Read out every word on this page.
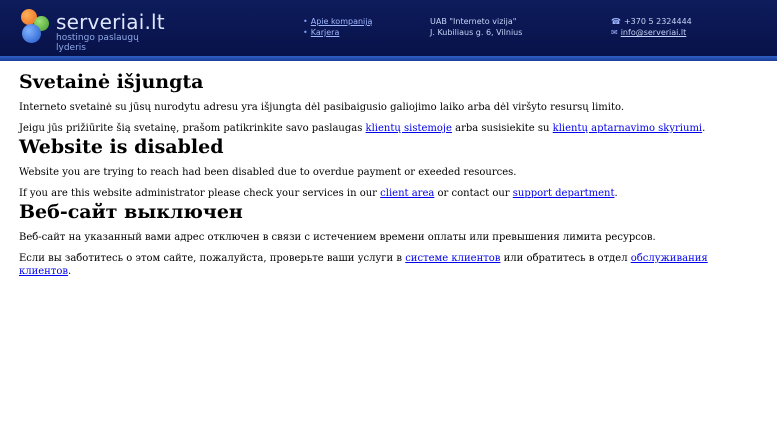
serveriai.lt
hostingo paslaugų lyderis
• Apie kompaniją
• Karjera
UAB "Interneto vizija"
J. Kubiliaus g. 6, Vilnius
☎ +370 5 2324444
✉ info@serveriai.lt
Svetainė išjungta

Interneto svetainė su jūsų nurodytu adresu yra išjungta dėl pasibaigusio galiojimo laiko arba dėl viršyto resursų limito.

Jeigu jūs prižiūrite šią svetainę, prašom patikrinkite savo paslaugas klientų sistemoje arba susisiekite su klientų aptarnavimo skyriumi.

Website is disabled

Website you are trying to reach had been disabled due to overdue payment or exeeded resources.

If you are this website administrator please check your services in our client area or contact our support department.

Веб-сайт выключен

Веб-сайт на указанный вами адрес отключен в связи с истечением времени оплаты или превышения лимита ресурсов.

Если вы заботитесь о этом сайте, пожалуйста, проверьте ваши услуги в системе клиентов или обратитесь в отдел обслуживания клиентов.
